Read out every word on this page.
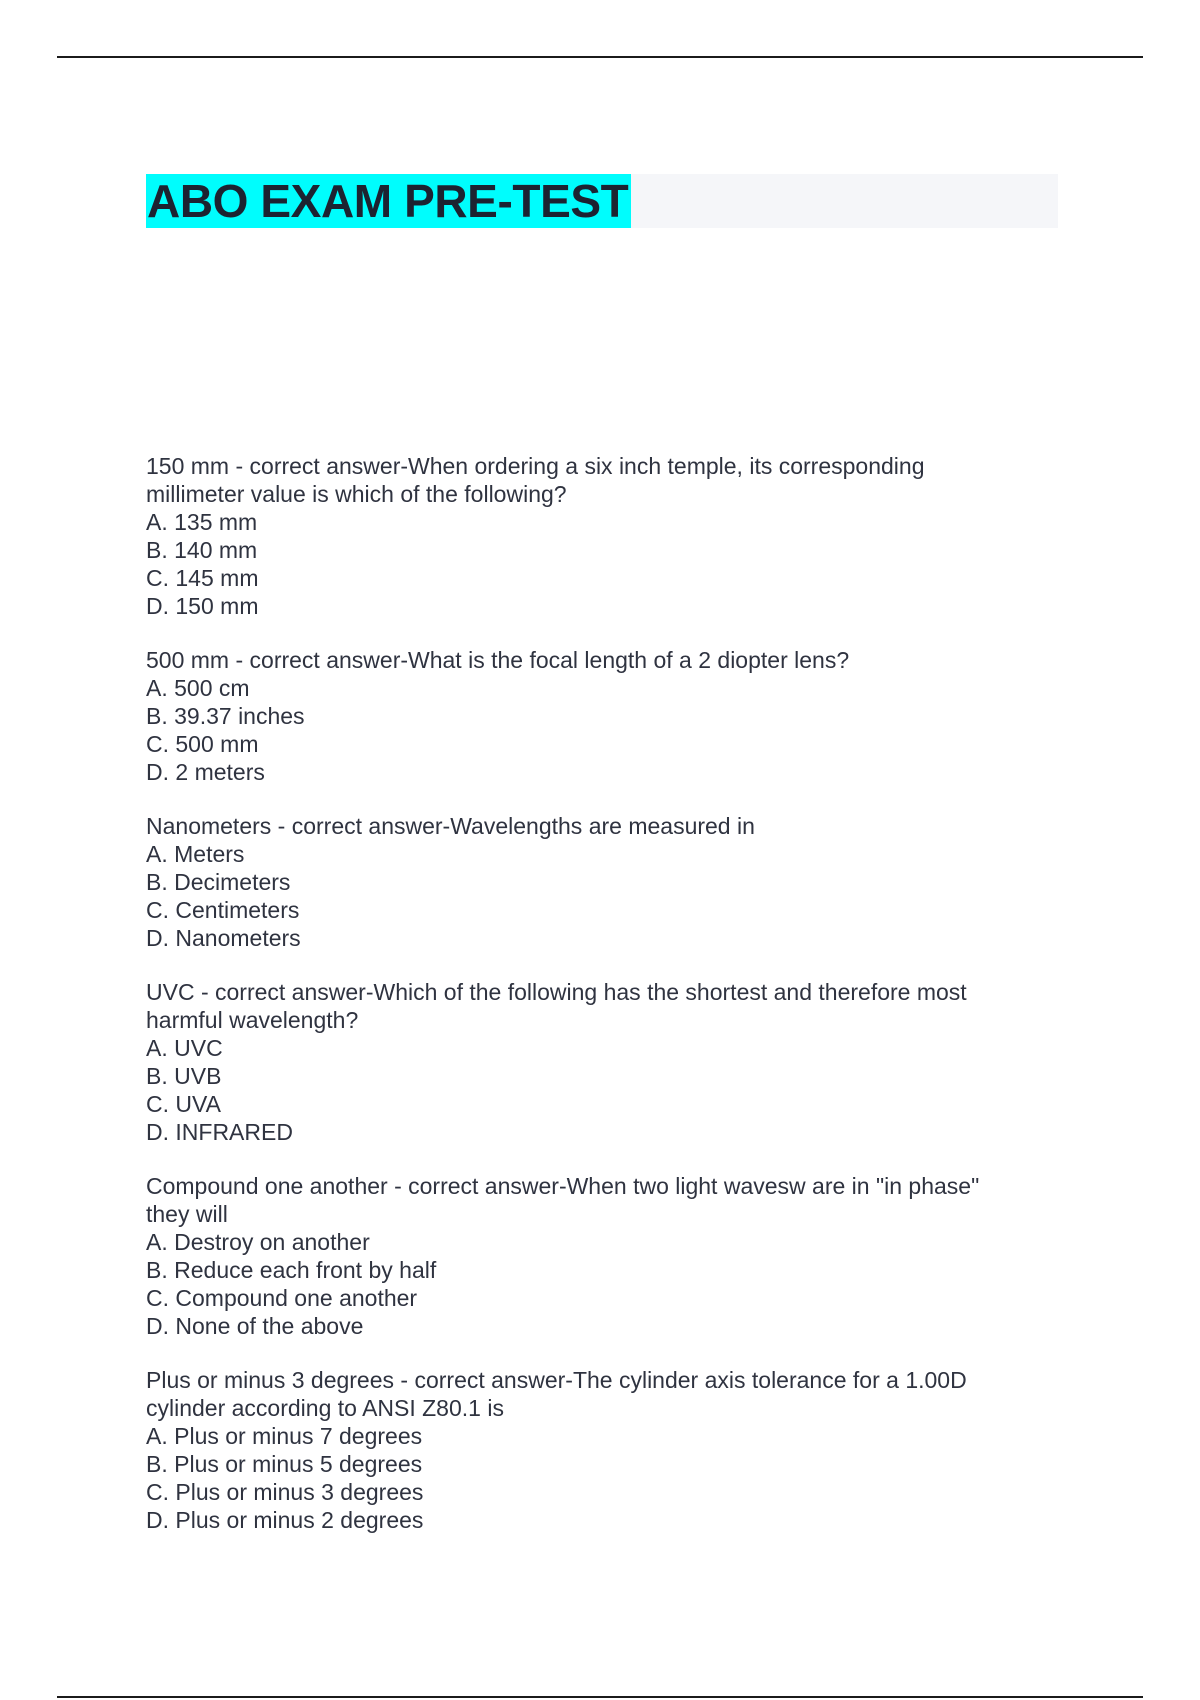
ABO EXAM PRE-TEST
150 mm - correct answer-When ordering a six inch temple, its corresponding millimeter value is which of the following?
A. 135 mm
B. 140 mm
C. 145 mm
D. 150 mm
500 mm - correct answer-What is the focal length of a 2 diopter lens?
A. 500 cm
B. 39.37 inches
C. 500 mm
D. 2 meters
Nanometers - correct answer-Wavelengths are measured in
A. Meters
B. Decimeters
C. Centimeters
D. Nanometers
UVC - correct answer-Which of the following has the shortest and therefore most harmful wavelength?
A. UVC
B. UVB
C. UVA
D. INFRARED
Compound one another - correct answer-When two light wavesw are in "in phase" they will
A. Destroy on another
B. Reduce each front by half
C. Compound one another
D. None of the above
Plus or minus 3 degrees - correct answer-The cylinder axis tolerance for a 1.00D cylinder according to ANSI Z80.1 is
A. Plus or minus 7 degrees
B. Plus or minus 5 degrees
C. Plus or minus 3 degrees
D. Plus or minus 2 degrees
